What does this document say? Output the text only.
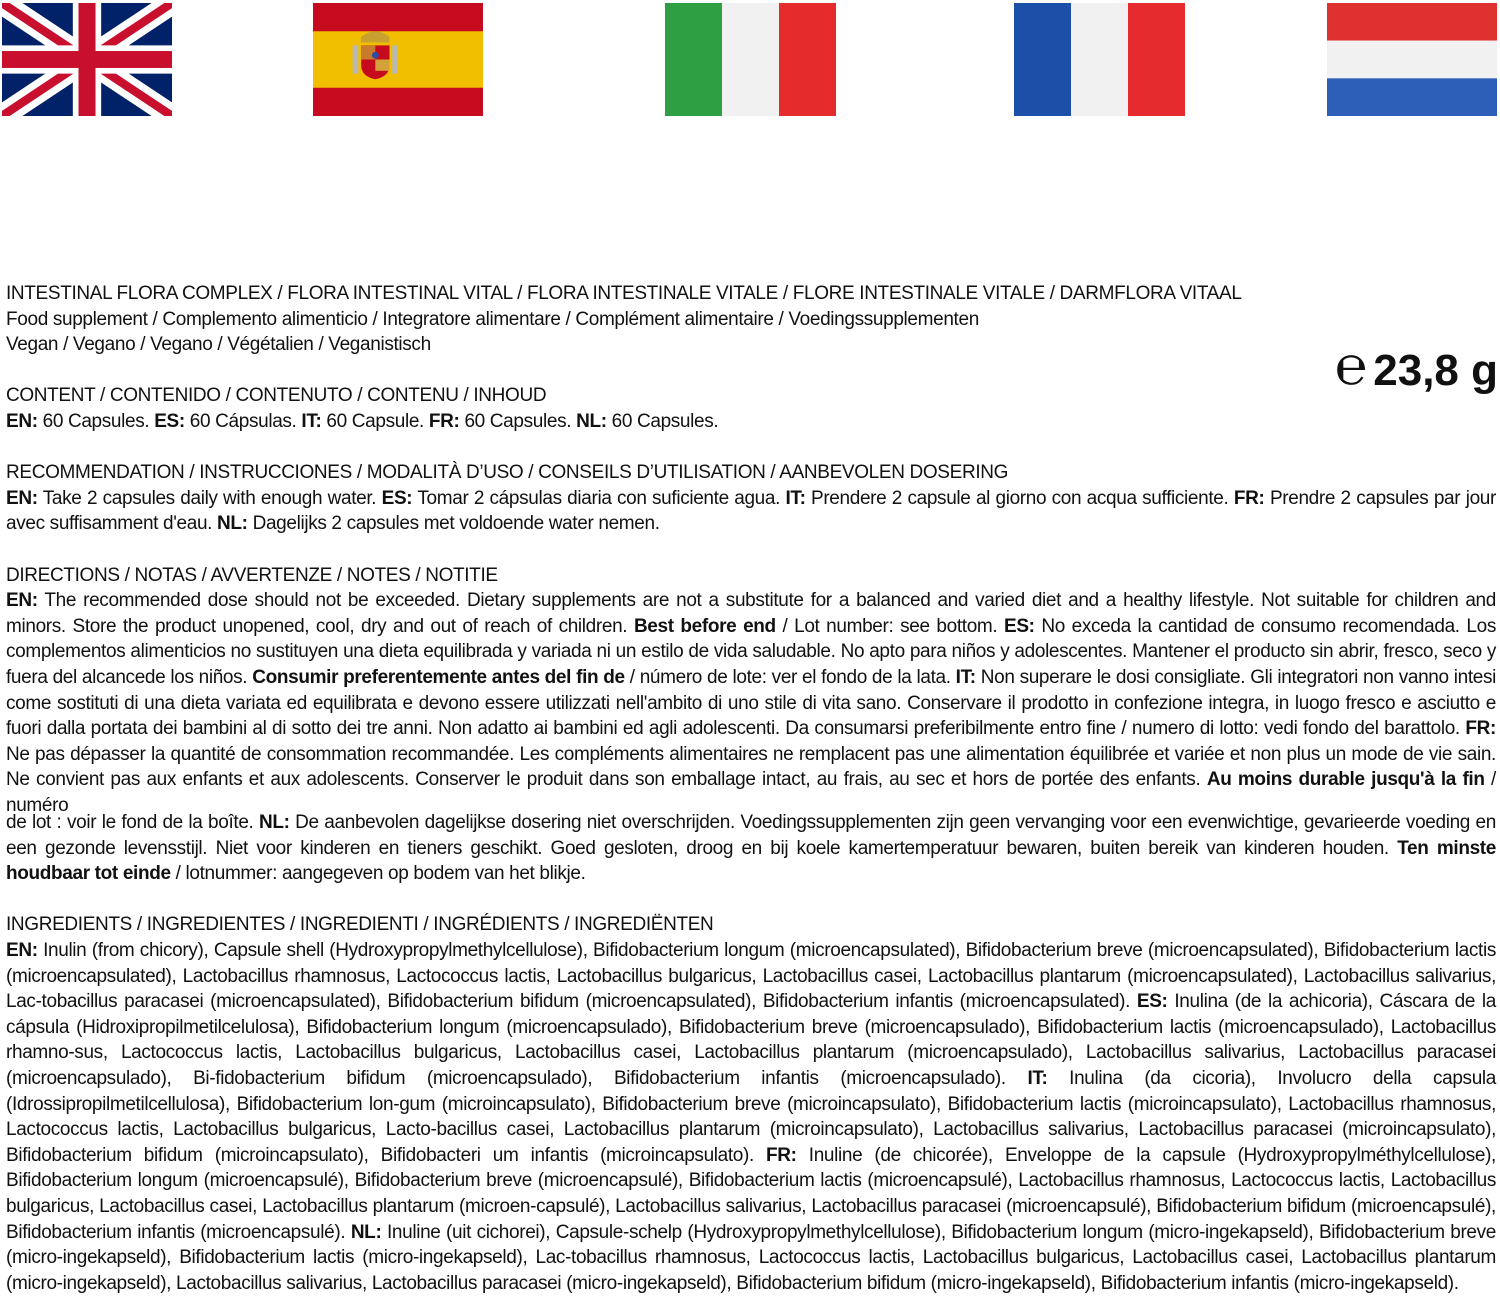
℮ 23,8 g

INTESTINAL FLORA COMPLEX / FLORA INTESTINAL VITAL / FLORA INTESTINALE VITALE / FLORE INTESTINALE VITALE / DARMFLORA VITAAL

Food supplement / Complemento alimenticio / Integratore alimentare / Complément alimentaire / Voedingssupplementen

Vegan / Vegano / Vegano / Végétalien / Veganistisch

CONTENT / CONTENIDO / CONTENUTO / CONTENU / INHOUD

EN: 60 Capsules. ES: 60 Cápsulas. IT: 60 Capsule. FR: 60 Capsules. NL: 60 Capsules.

RECOMMENDATION / INSTRUCCIONES / MODALITÀ D’USO / CONSEILS D’UTILISATION / AANBEVOLEN DOSERING

EN: Take 2 capsules daily with enough water. ES: Tomar 2 cápsulas diaria con suficiente agua. IT: Prendere 2 capsule al giorno con acqua sufficiente. FR: Prendre 2 capsules par jour avec suffisamment d'eau. NL: Dagelijks 2 capsules met voldoende water nemen.

DIRECTIONS / NOTAS / AVVERTENZE / NOTES / NOTITIE

EN: The recommended dose should not be exceeded. Dietary supplements are not a substitute for a balanced and varied diet and a healthy lifestyle. Not suitable for children and minors. Store the product unopened, cool, dry and out of reach of children. Best before end / Lot number: see bottom. ES: No exceda la cantidad de consumo recomendada. Los complementos alimenticios no sustituyen una dieta equilibrada y variada ni un estilo de vida saludable. No apto para niños y adolescentes. Mantener el producto sin abrir, fresco, seco y fuera del alcancede los niños. Consumir preferentemente antes del fin de / número de lote: ver el fondo de la lata. IT: Non superare le dosi consigliate. Gli integratori non vanno intesi come sostituti di una dieta variata ed equilibrata e devono essere utilizzati nell'ambito di uno stile di vita sano. Conservare il prodotto in confezione integra, in luogo fresco e asciutto e fuori dalla portata dei bambini al di sotto dei tre anni. Non adatto ai bambini ed agli adolescenti. Da consumarsi preferibilmente entro fine / numero di lotto: vedi fondo del barattolo. FR: Ne pas dépasser la quantité de consommation recommandée. Les compléments alimentaires ne remplacent pas une alimentation équilibrée et variée et non plus un mode de vie sain. Ne convient pas aux enfants et aux adolescents. Conserver le produit dans son emballage intact, au frais, au sec et hors de portée des enfants. Au moins durable jusqu'à la fin / numéro

de lot : voir le fond de la boîte. NL: De aanbevolen dagelijkse dosering niet overschrijden. Voedingssupplementen zijn geen vervanging voor een evenwichtige, gevarieerde voeding en een gezonde levensstijl. Niet voor kinderen en tieners geschikt. Goed gesloten, droog en bij koele kamertemperatuur bewaren, buiten bereik van kinderen houden. Ten minste houdbaar tot einde / lotnummer: aangegeven op bodem van het blikje.

INGREDIENTS / INGREDIENTES / INGREDIENTI / INGRÉDIENTS / INGREDIËNTEN

EN: Inulin (from chicory), Capsule shell (Hydroxypropylmethylcellulose), Bifidobacterium longum (microencapsulated), Bifidobacterium breve (microencapsulated), Bifidobacterium lactis (microencapsulated), Lactobacillus rhamnosus, Lactococcus lactis, Lactobacillus bulgaricus, Lactobacillus casei, Lactobacillus plantarum (microencapsulated), Lactobacillus salivarius, Lac-tobacillus paracasei (microencapsulated), Bifidobacterium bifidum (microencapsulated), Bifidobacterium infantis (microencapsulated). ES: Inulina (de la achicoria), Cáscara de la cápsula (Hidroxipropilmetilcelulosa), Bifidobacterium longum (microencapsulado), Bifidobacterium breve (microencapsulado), Bifidobacterium lactis (microencapsulado), Lactobacillus rhamno-sus, Lactococcus lactis, Lactobacillus bulgaricus, Lactobacillus casei, Lactobacillus plantarum (microencapsulado), Lactobacillus salivarius, Lactobacillus paracasei (microencapsulado), Bi-fidobacterium bifidum (microencapsulado), Bifidobacterium infantis (microencapsulado). IT: Inulina (da cicoria), Involucro della capsula (Idrossipropilmetilcellulosa), Bifidobacterium lon-gum (microincapsulato), Bifidobacterium breve (microincapsulato), Bifidobacterium lactis (microincapsulato), Lactobacillus rhamnosus, Lactococcus lactis, Lactobacillus bulgaricus, Lacto-bacillus casei, Lactobacillus plantarum (microincapsulato), Lactobacillus salivarius, Lactobacillus paracasei (microincapsulato), Bifidobacterium bifidum (microincapsulato), Bifidobacteri um infantis (microincapsulato). FR: Inuline (de chicorée), Enveloppe de la capsule (Hydroxypropylméthylcellulose), Bifidobacterium longum (microencapsulé), Bifidobacterium breve (microencapsulé), Bifidobacterium lactis (microencapsulé), Lactobacillus rhamnosus, Lactococcus lactis, Lactobacillus bulgaricus, Lactobacillus casei, Lactobacillus plantarum (microen-capsulé), Lactobacillus salivarius, Lactobacillus paracasei (microencapsulé), Bifidobacterium bifidum (microencapsulé), Bifidobacterium infantis (microencapsulé). NL: Inuline (uit cichorei), Capsule-schelp (Hydroxypropylmethylcellulose), Bifidobacterium longum (micro-ingekapseld), Bifidobacterium breve (micro-ingekapseld), Bifidobacterium lactis (micro-ingekapseld), Lac-tobacillus rhamnosus, Lactococcus lactis, Lactobacillus bulgaricus, Lactobacillus casei, Lactobacillus plantarum (micro-ingekapseld), Lactobacillus salivarius, Lactobacillus paracasei (micro-ingekapseld), Bifidobacterium bifidum (micro-ingekapseld), Bifidobacterium infantis (micro-ingekapseld).
